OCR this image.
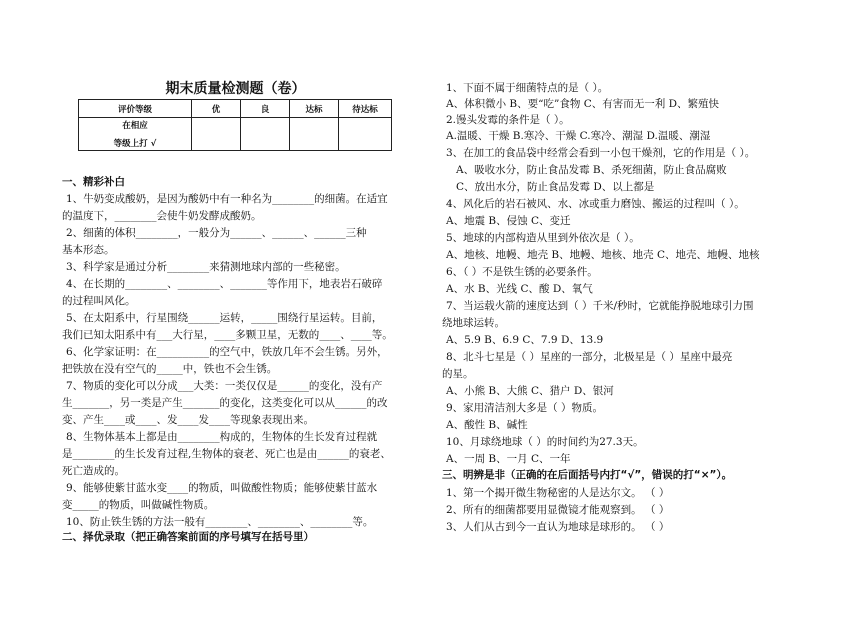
期末质量检测题（卷）
评价等级	优	良	达标	待达标

在相应
等级上打 √				

一、精彩补白
1、牛奶变成酸奶，是因为酸奶中有一种名为________的细菌。在适宜
的温度下，________会使牛奶发酵成酸奶。
2、细菌的体积________，一般分为______、______、______三种
基本形态。
3、科学家是通过分析________来猜测地球内部的一些秘密。
4、在长期的________、________、_______等作用下，地表岩石破碎
的过程叫风化。
5、在太阳系中，行星围绕______运转，_____围绕行星运转。目前，
我们已知太阳系中有___大行星，____多颗卫星，无数的____、____等。
6、化学家证明：在__________的空气中，铁放几年不会生锈。另外，
把铁放在没有空气的_____中，铁也不会生锈。
7、物质的变化可以分成___大类：一类仅仅是______的变化，没有产
生_______，另一类是产生_______的变化，这类变化可以从______的改
变、产生____或____、发____发____等现象表现出来。
8、生物体基本上都是由________构成的，生物体的生长发育过程就
是________的生长发育过程,生物体的衰老、死亡也是由______的衰老、
死亡造成的。
9、能够使紫甘蓝水变____的物质，叫做酸性物质；能够使紫甘蓝水
变_____的物质，叫做碱性物质。
10、防止铁生锈的方法一般有________、________、________等。
二、择优录取（把正确答案前面的序号填写在括号里）
1、下面不属于细菌特点的是（ ）。
A、体积微小 B、要“吃”食物 C、有害而无一利 D、繁殖快
2.馒头发霉的条件是（ ）。
A.温暖、干燥 B.寒冷、干燥 C.寒冷、潮湿 D.温暖、潮湿
3、在加工的食品袋中经常会看到一小包干燥剂，它的作用是（ ）。
A、吸收水分，防止食品发霉 B、杀死细菌，防止食品腐败
C、放出水分，防止食品发霉 D、以上都是
4、风化后的岩石被风、水、冰或重力磨蚀、搬运的过程叫（ ）。
A、地震 B、侵蚀 C、变迁
5、地球的内部构造从里到外依次是（ ）。
A、地核、地幔、地壳 B、地幔、地核、地壳 C、地壳、地幔、地核
6、（ ）不是铁生锈的必要条件。
A、水 B、光线 C、酸 D、氧气
7、当运载火箭的速度达到（ ）千米/秒时，它就能挣脱地球引力围
绕地球运转。
A、5.9 B、6.9 C、7.9 D、13.9
8、北斗七星是（ ）星座的一部分，北极星是（ ）星座中最亮
的星。
A、小熊 B、大熊 C、猎户 D、银河
9、家用清洁剂大多是（ ）物质。
A、酸性 B、碱性
10、月球绕地球（ ）的时间约为27.3天。
A、一周 B、一月 C、一年
三、明辨是非（正确的在后面括号内打“√”，错误的打“×”）。
1、第一个揭开微生物秘密的人是达尔文。 （ ）
2、所有的细菌都要用显微镜才能观察到。 （ ）
3、人们从古到今一直认为地球是球形的。 （ ）
